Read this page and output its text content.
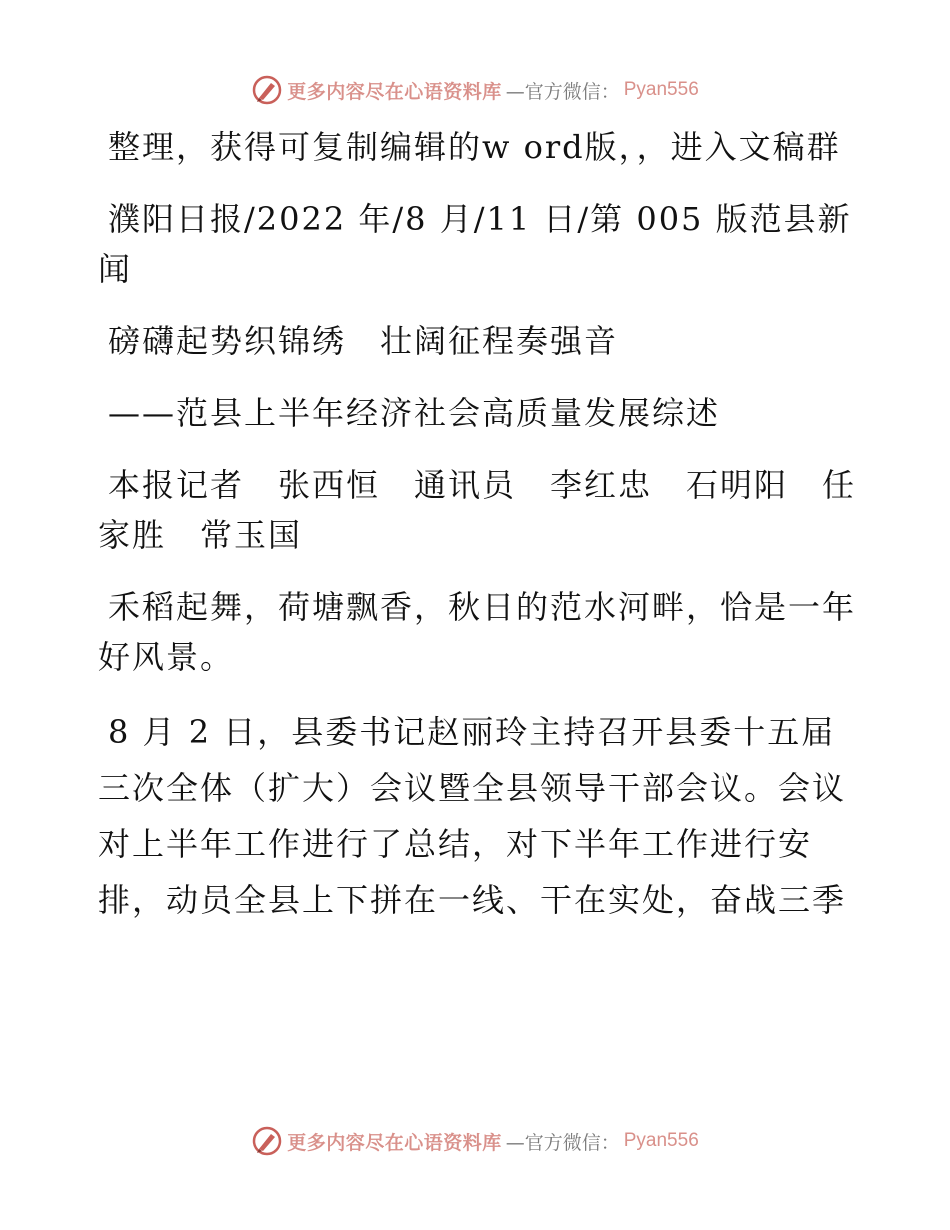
更多内容尽在心语资料库 —官方微信： Pyan556

整理，获得可复制编辑的w ord版，，进入文稿群

濮阳日报/2022 年/8 月/11 日/第 005 版范县新闻

磅礴起势织锦绣　壮阔征程奏强音

——范县上半年经济社会高质量发展综述

本报记者　张西恒　通讯员　李红忠　石明阳　任家胜　常玉国

禾稻起舞，荷塘飘香，秋日的范水河畔，恰是一年好风景。

8 月 2 日，县委书记赵丽玲主持召开县委十五届三次全体（扩大）会议暨全县领导干部会议。会议对上半年工作进行了总结，对下半年工作进行安排，动员全县上下拼在一线、干在实处，奋战三季

更多内容尽在心语资料库 —官方微信： Pyan556
